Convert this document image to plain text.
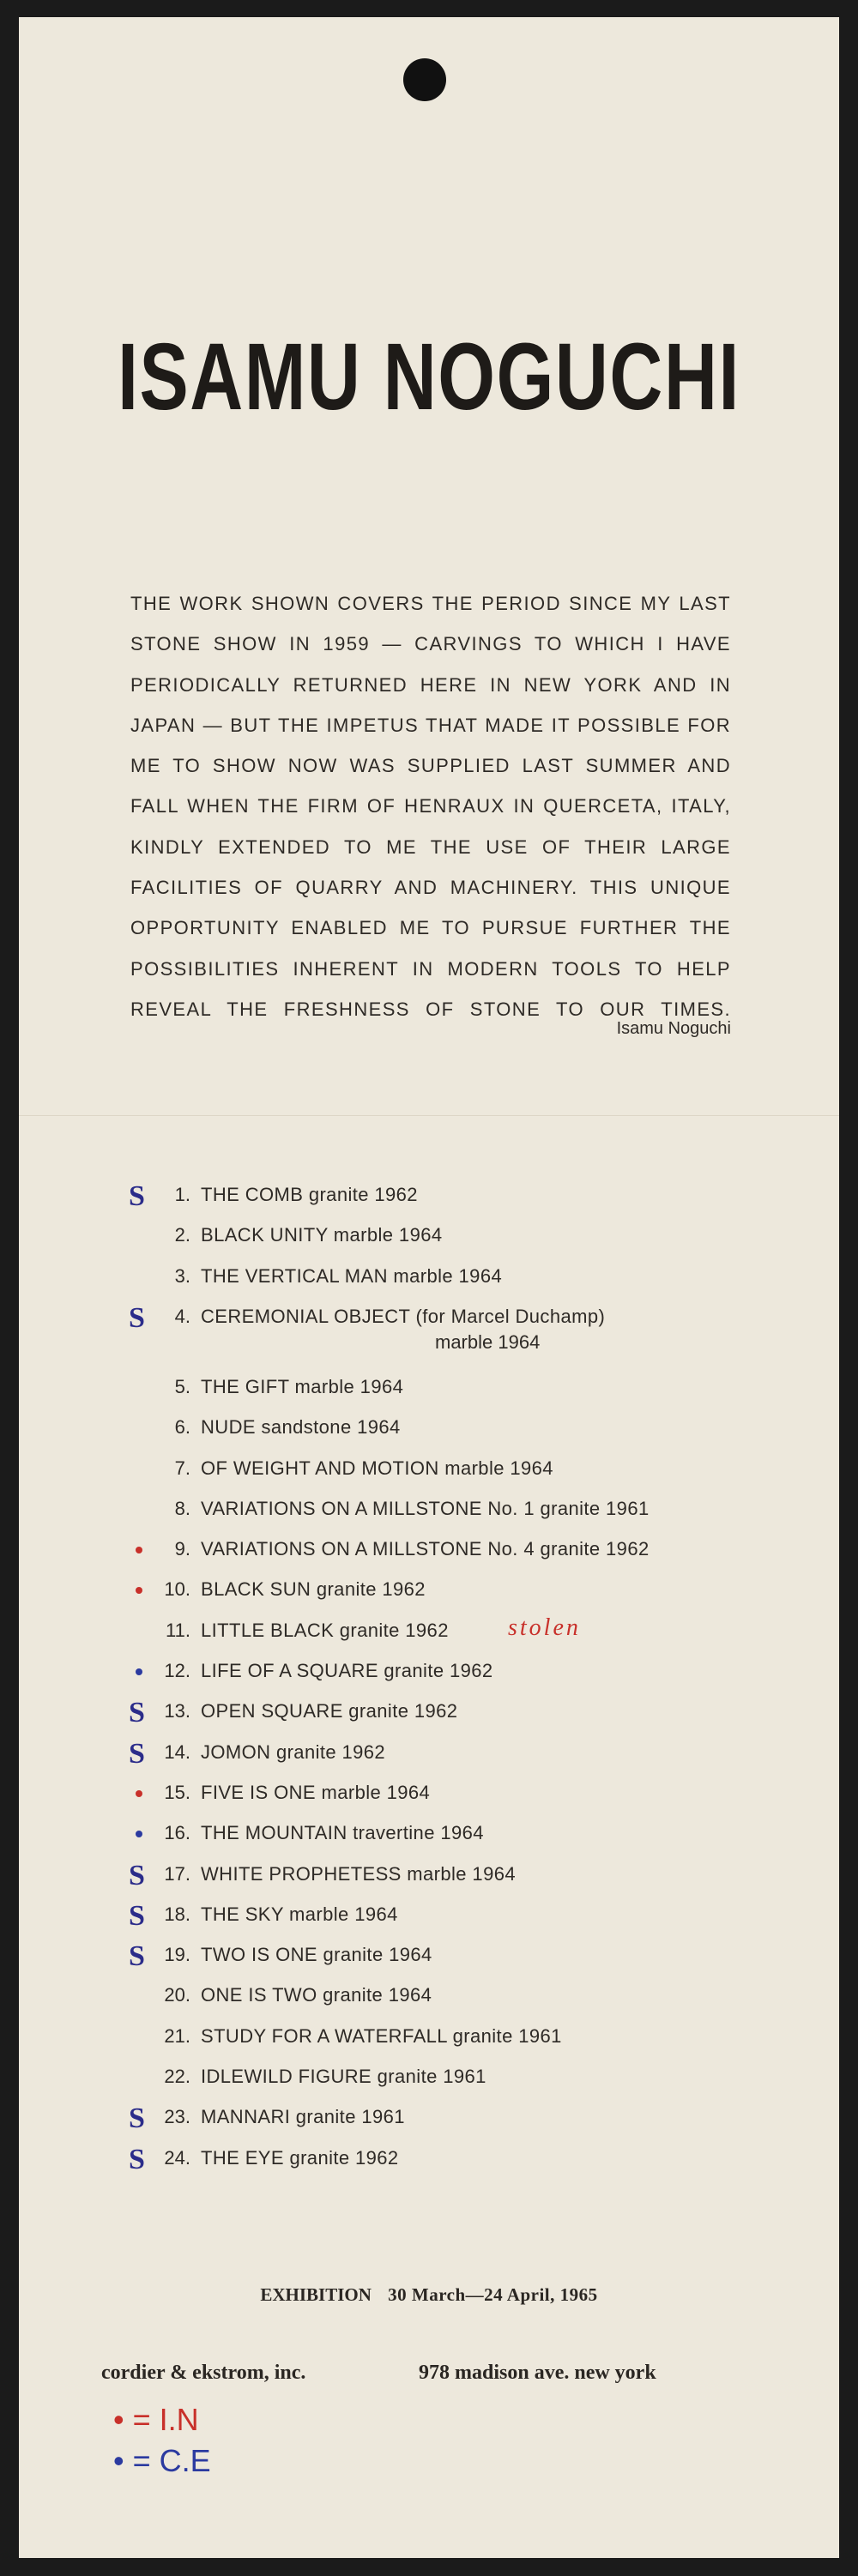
ISAMU NOGUCHI

THE WORK SHOWN COVERS THE PERIOD SINCE MY LAST STONE SHOW IN 1959 — CARVINGS TO WHICH I HAVE PERIODICALLY RETURNED HERE IN NEW YORK AND IN JAPAN — BUT THE IMPETUS THAT MADE IT POSSIBLE FOR ME TO SHOW NOW WAS SUPPLIED LAST SUMMER AND FALL WHEN THE FIRM OF HENRAUX IN QUERCETA, ITALY, KINDLY EXTENDED TO ME THE USE OF THEIR LARGE FACILITIES OF QUARRY AND MACHINERY. THIS UNIQUE OPPORTUNITY ENABLED ME TO PURSUE FURTHER THE POSSIBILITIES INHERENT IN MODERN TOOLS TO HELP REVEAL THE FRESHNESS OF STONE TO OUR TIMES.

Isamu Noguchi
S	1. THE COMB granite 1962
2. BLACK UNITY marble 1964
3. THE VERTICAL MAN marble 1964
S	4. CEREMONIAL OBJECT (for Marcel Duchamp)
marble 1964
5. THE GIFT marble 1964
6. NUDE sandstone 1964
7. OF WEIGHT AND MOTION marble 1964
8. VARIATIONS ON A MILLSTONE No. 1 granite 1961
9. VARIATIONS ON A MILLSTONE No. 4 granite 1962
10. BLACK SUN granite 1962
11. LITTLE BLACK granite 1962 stolen
12. LIFE OF A SQUARE granite 1962
S	13. OPEN SQUARE granite 1962
S	14. JOMON granite 1962
15. FIVE IS ONE marble 1964
16. THE MOUNTAIN travertine 1964
S	17. WHITE PROPHETESS marble 1964
S	18. THE SKY marble 1964
S	19. TWO IS ONE granite 1964
20. ONE IS TWO granite 1964
21. STUDY FOR A WATERFALL granite 1961
22. IDLEWILD FIGURE granite 1961
S	23. MANNARI granite 1961
S	24. THE EYE granite 1962
EXHIBITION 30 March—24 April, 1965
cordier & ekstrom, inc.	978 madison ave. new york
• = I.N
• = C.E
